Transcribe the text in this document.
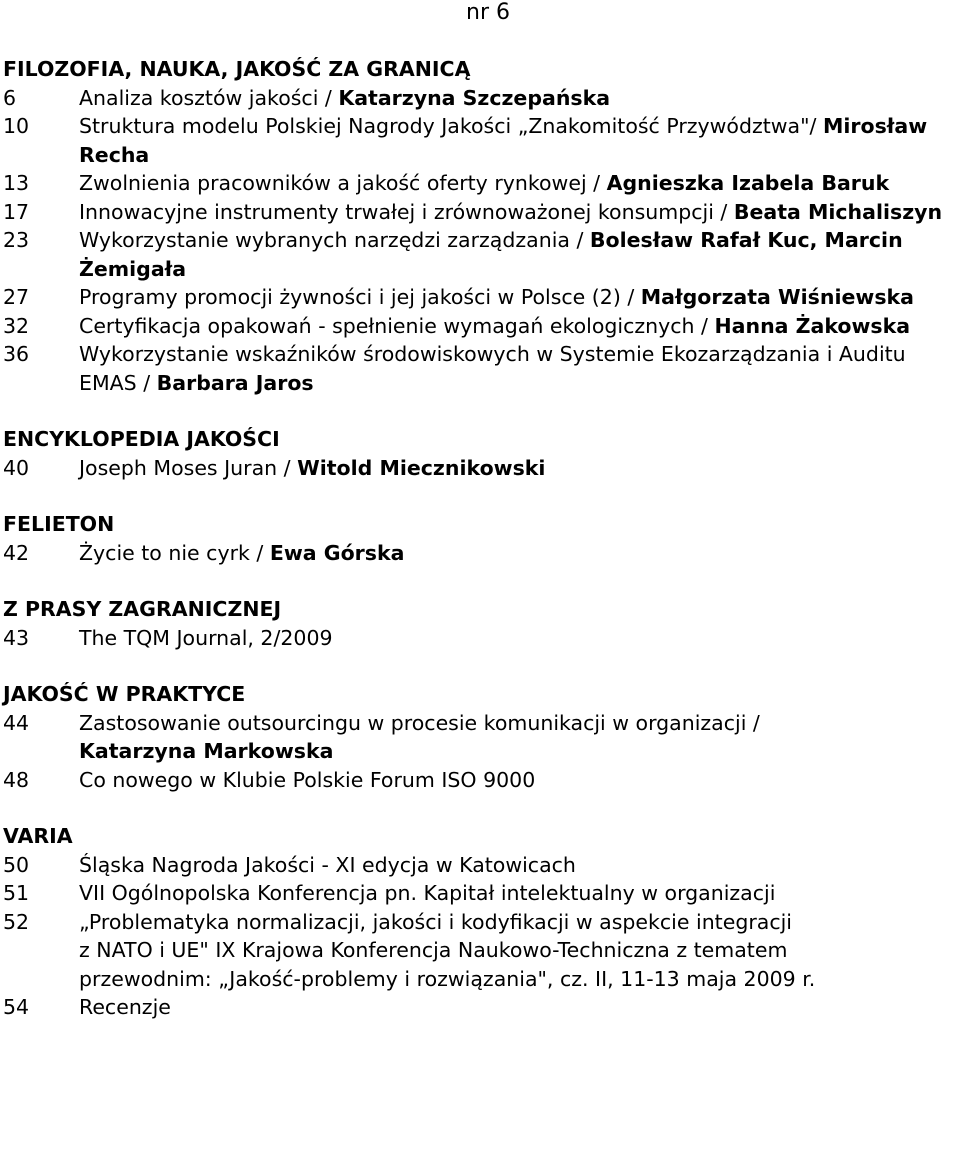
nr 6
FILOZOFIA, NAUKA, JAKOŚĆ ZA GRANICĄ
6	Analiza kosztów jakości / Katarzyna Szczepańska
10	Struktura modelu Polskiej Nagrody Jakości „Znakomitość Przywództwa"/ Mirosław Recha
13	Zwolnienia pracowników a jakość oferty rynkowej / Agnieszka Izabela Baruk
17	Innowacyjne instrumenty trwałej i zrównoważonej konsumpcji / Beata Michaliszyn
23	Wykorzystanie wybranych narzędzi zarządzania / Bolesław Rafał Kuc, Marcin Żemigała
27	Programy promocji żywności i jej jakości w Polsce (2) / Małgorzata Wiśniewska
32	Certyfikacja opakowań - spełnienie wymagań ekologicznych / Hanna Żakowska
36	Wykorzystanie wskaźników środowiskowych w Systemie Ekozarządzania i Auditu EMAS / Barbara Jaros
ENCYKLOPEDIA JAKOŚCI
40	Joseph Moses Juran / Witold Miecznikowski
FELIETON
42	Życie to nie cyrk / Ewa Górska
Z PRASY ZAGRANICZNEJ
43	The TQM Journal, 2/2009
JAKOŚĆ W PRAKTYCE
44	Zastosowanie outsourcingu w procesie komunikacji w organizacji /
Katarzyna Markowska
48	Co nowego w Klubie Polskie Forum ISO 9000
VARIA
50	Śląska Nagroda Jakości - XI edycja w Katowicach
51	VII Ogólnopolska Konferencja pn. Kapitał intelektualny w organizacji
52	„Problematyka normalizacji, jakości i kodyfikacji w aspekcie integracji
z NATO i UE" IX Krajowa Konferencja Naukowo-Techniczna z tematem
przewodnim: „Jakość-problemy i rozwiązania", cz. II, 11-13 maja 2009 r.
54	Recenzje
